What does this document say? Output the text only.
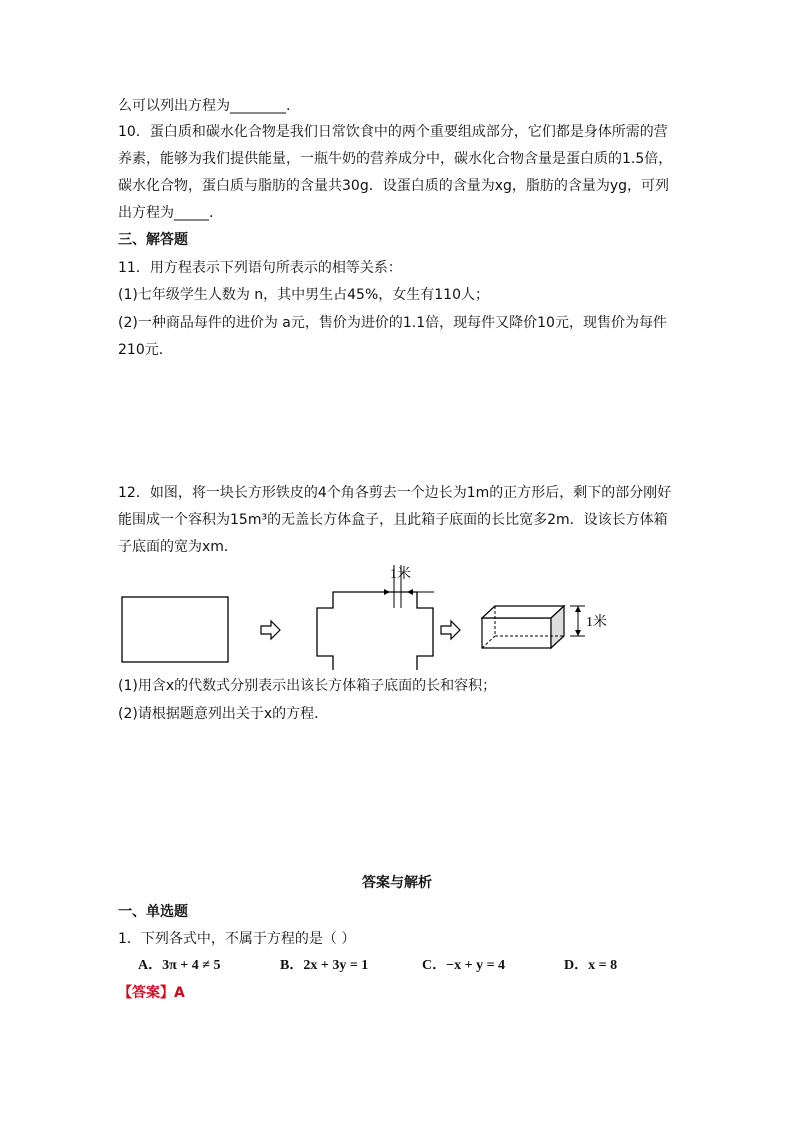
么可以列出方程为________.
10．蛋白质和碳水化合物是我们日常饮食中的两个重要组成部分，它们都是身体所需的营
养素，能够为我们提供能量，一瓶牛奶的营养成分中，碳水化合物含量是蛋白质的1.5倍，
碳水化合物，蛋白质与脂肪的含量共30g．设蛋白质的含量为xg，脂肪的含量为yg，可列
出方程为_____．
三、解答题
11．用方程表示下列语句所表示的相等关系：
(1)七年级学生人数为 n，其中男生占45%，女生有110人；
(2)一种商品每件的进价为 a元，售价为进价的1.1倍，现每件又降价10元，现售价为每件
210元．
12．如图，将一块长方形铁皮的4个角各剪去一个边长为1m的正方形后，剩下的部分刚好
能围成一个容积为15m³的无盖长方体盒子，且此箱子底面的长比宽多2m．设该长方体箱
子底面的宽为xm．
1米
1米
(1)用含x的代数式分别表示出该长方体箱子底面的长和容积；
(2)请根据题意列出关于x的方程．
答案与解析
一、单选题
1．下列各式中，不属于方程的是（ ）
A．3π + 4 ≠ 5	B．2x + 3y = 1	C．−x + y = 4	D．x = 8
【答案】A
